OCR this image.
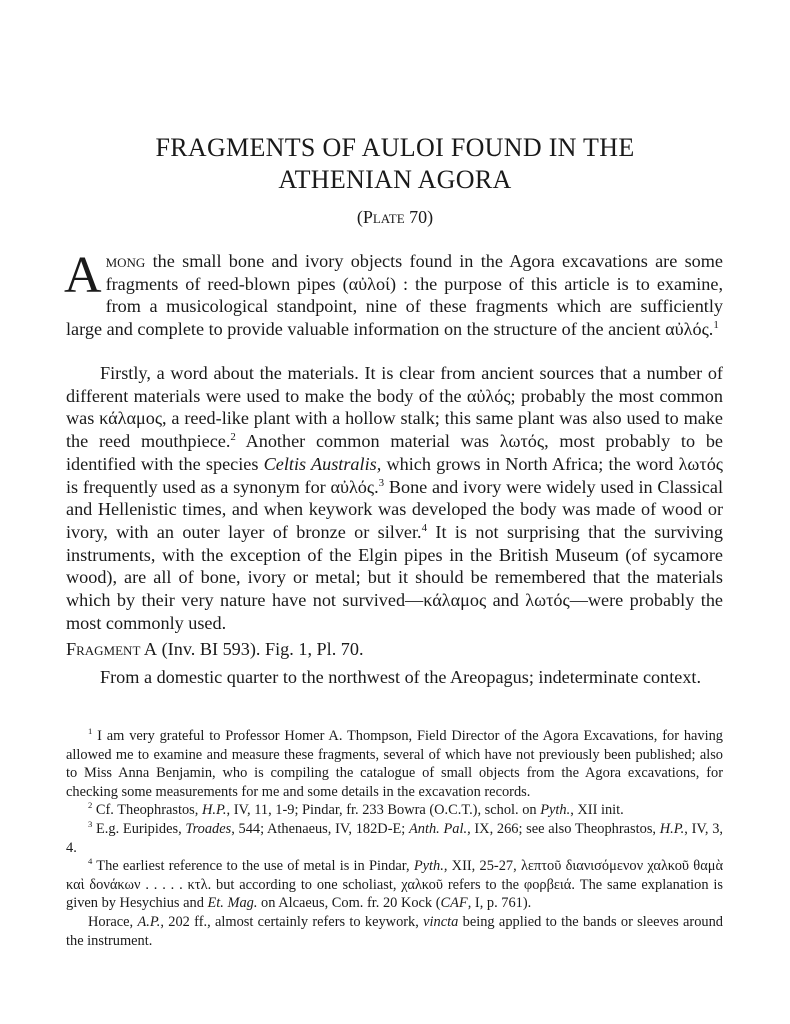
FRAGMENTS OF AULOI FOUND IN THE
ATHENIAN AGORA
(Plate 70)

Among the small bone and ivory objects found in the Agora excavations are some fragments of reed-blown pipes (αὐλοί) : the purpose of this article is to examine, from a musicological standpoint, nine of these fragments which are sufficiently large and complete to provide valuable information on the structure of the ancient αὐλός.$^1$

Firstly, a word about the materials. It is clear from ancient sources that a number of different materials were used to make the body of the αὐλός; probably the most common was κάλαμος, a reed-like plant with a hollow stalk; this same plant was also used to make the reed mouthpiece.$^2$ Another common material was λωτός, most probably to be identified with the species Celtis Australis, which grows in North Africa; the word λωτός is frequently used as a synonym for αὐλός.$^3$ Bone and ivory were widely used in Classical and Hellenistic times, and when keywork was developed the body was made of wood or ivory, with an outer layer of bronze or silver.$^4$ It is not surprising that the surviving instruments, with the exception of the Elgin pipes in the British Museum (of sycamore wood), are all of bone, ivory or metal; but it should be remembered that the materials which by their very nature have not survived—κάλαμος and λωτός—were probably the most commonly used.

Fragment A (Inv. BI 593). Fig. 1, Pl. 70.

From a domestic quarter to the northwest of the Areopagus; indeterminate context.

$^1$ I am very grateful to Professor Homer A. Thompson, Field Director of the Agora Excavations, for having allowed me to examine and measure these fragments, several of which have not previously been published; also to Miss Anna Benjamin, who is compiling the catalogue of small objects from the Agora excavations, for checking some measurements for me and some details in the excavation records.

$^2$ Cf. Theophrastos, H.P., IV, 11, 1-9; Pindar, fr. 233 Bowra (O.C.T.), schol. on Pyth., XII init.

$^3$ E.g. Euripides, Troades, 544; Athenaeus, IV, 182D-E; Anth. Pal., IX, 266; see also Theophrastos, H.P., IV, 3, 4.

$^4$ The earliest reference to the use of metal is in Pindar, Pyth., XII, 25-27, λεπτοῦ διανισόμενον χαλκοῦ θαμὰ καὶ δονάκων . . . . . κτλ. but according to one scholiast, χαλκοῦ refers to the φορβειά. The same explanation is given by Hesychius and Et. Mag. on Alcaeus, Com. fr. 20 Kock (CAF, I, p. 761).

Horace, A.P., 202 ff., almost certainly refers to keywork, vincta being applied to the bands or sleeves around the instrument.
